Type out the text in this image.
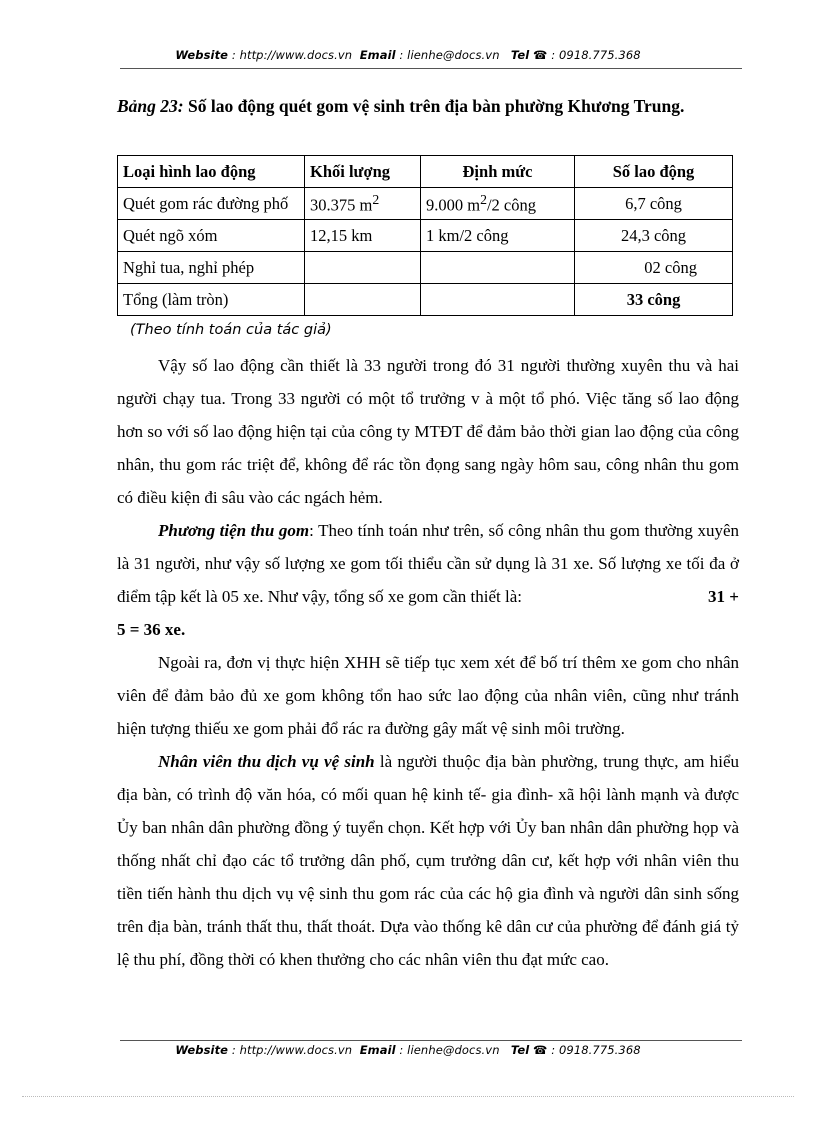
Website : http://www.docs.vn Email : lienhe@docs.vn Tel ☎ : 0918.775.368
Bảng 23: Số lao động quét gom vệ sinh trên địa bàn phường Khương Trung.
Loại hình lao động	Khối lượng	Định mức	Số lao động
Quét gom rác đường phố	30.375 $m^2$	9.000 $m^2/2$ công	6,7 công
Quét ngõ xóm	12,15 km	1 km/2 công	24,3 công
Nghỉ tua, nghỉ phép			02 công
Tổng (làm tròn)			33 công
(Theo tính toán của tác giả)

Vậy số lao động cần thiết là 33 người trong đó 31 người thường xuyên thu và hai người chạy tua. Trong 33 người có một tổ trưởng v à một tổ phó. Việc tăng số lao động hơn so với số lao động hiện tại của công ty MTĐT để đảm bảo thời gian lao động của công nhân, thu gom rác triệt để, không để rác tồn đọng sang ngày hôm sau, công nhân thu gom có điều kiện đi sâu vào các ngách hẻm.

Phương tiện thu gom: Theo tính toán như trên, số công nhân thu gom thường xuyên là 31 người, như vậy số lượng xe gom tối thiểu cần sử dụng là 31 xe. Số lượng xe tối đa ở điểm tập kết là 05 xe. Như vậy, tổng số xe gom cần thiết là:	31 + 5 = 36 xe.

Ngoài ra, đơn vị thực hiện XHH sẽ tiếp tục xem xét để bố trí thêm xe gom cho nhân viên để đảm bảo đủ xe gom không tổn hao sức lao động của nhân viên, cũng như tránh hiện tượng thiếu xe gom phải đổ rác ra đường gây mất vệ sinh môi trường.

Nhân viên thu dịch vụ vệ sinh là người thuộc địa bàn phường, trung thực, am hiểu địa bàn, có trình độ văn hóa, có mối quan hệ kinh tế- gia đình- xã hội lành mạnh và được Ủy ban nhân dân phường đồng ý tuyển chọn. Kết hợp với Ủy ban nhân dân phường họp và thống nhất chỉ đạo các tổ trưởng dân phố, cụm trưởng dân cư, kết hợp với nhân viên thu tiền tiến hành thu dịch vụ vệ sinh thu gom rác của các hộ gia đình và người dân sinh sống trên địa bàn, tránh thất thu, thất thoát. Dựa vào thống kê dân cư của phường để đánh giá tỷ lệ thu phí, đồng thời có khen thưởng cho các nhân viên thu đạt mức cao.

Website : http://www.docs.vn Email : lienhe@docs.vn Tel ☎ : 0918.775.368
